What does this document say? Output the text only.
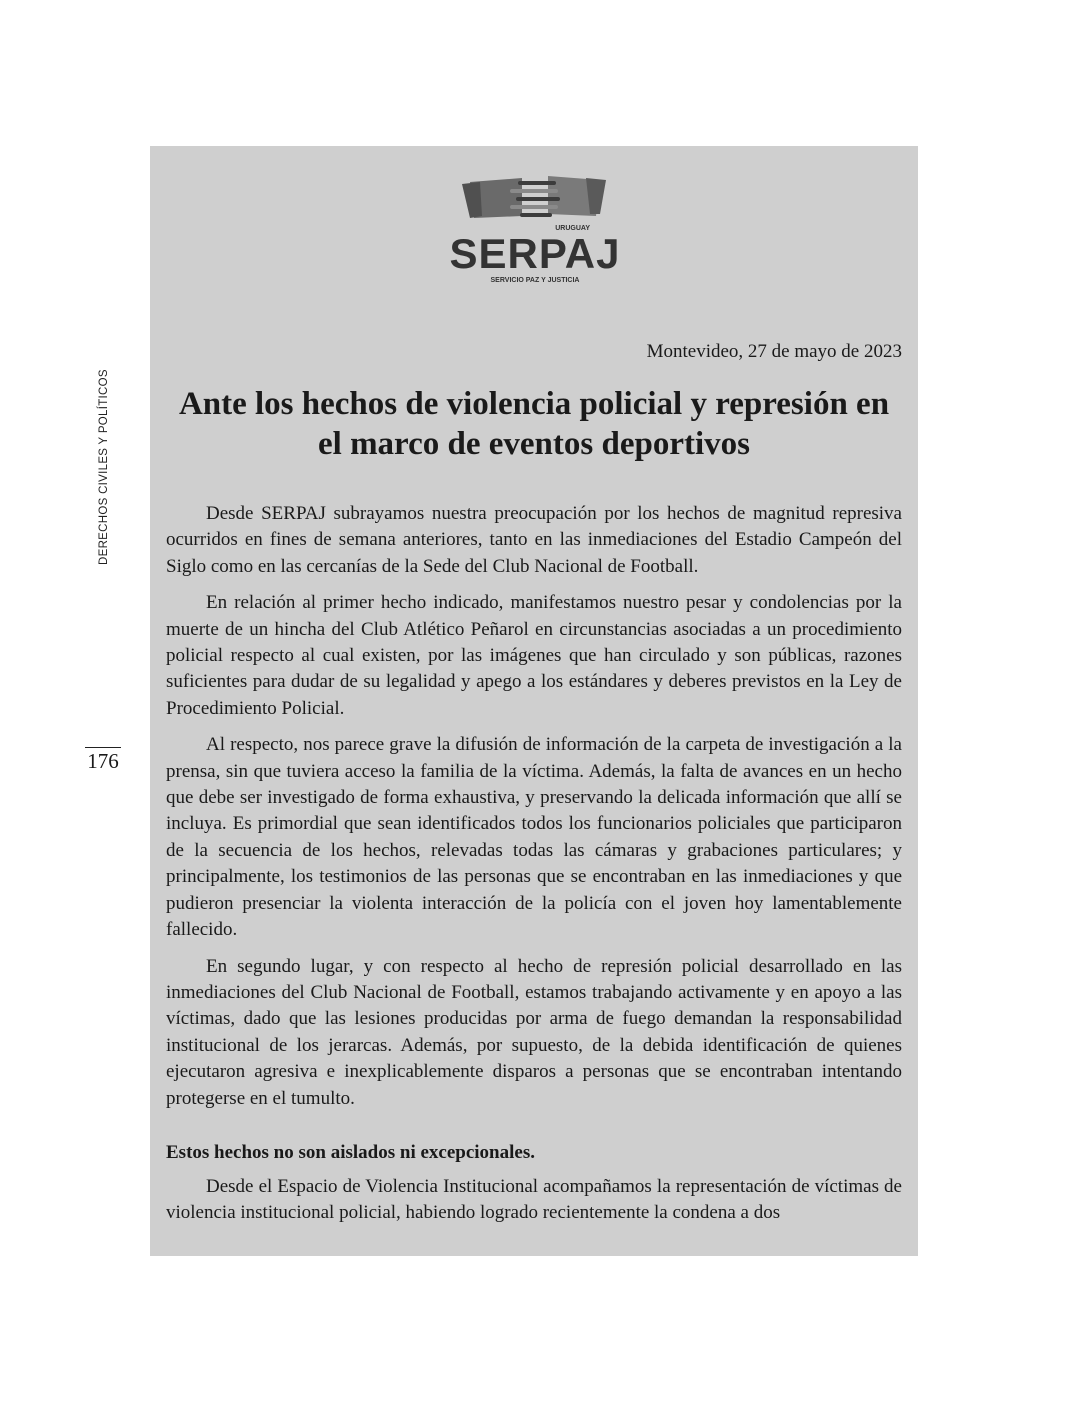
DERECHOS CIVILES Y POLÍTICOS
176
URUGUAY
SERPAJ
SERVICIO PAZ Y JUSTICIA
Montevideo, 27 de mayo de 2023
Ante los hechos de violencia policial y represión en el marco de eventos deportivos

Desde SERPAJ subrayamos nuestra preocupación por los hechos de magnitud represiva ocurridos en fines de semana anteriores, tanto en las inmediaciones del Estadio Campeón del Siglo como en las cercanías de la Sede del Club Nacional de Football.

En relación al primer hecho indicado, manifestamos nuestro pesar y condolencias por la muerte de un hincha del Club Atlético Peñarol en circunstancias asociadas a un procedimiento policial respecto al cual existen, por las imágenes que han circulado y son públicas, razones suficientes para dudar de su legalidad y apego a los estándares y deberes previstos en la Ley de Procedimiento Policial.

Al respecto, nos parece grave la difusión de información de la carpeta de investigación a la prensa, sin que tuviera acceso la familia de la víctima. Además, la falta de avances en un hecho que debe ser investigado de forma exhaustiva, y preservando la delicada información que allí se incluya. Es primordial que sean identificados todos los funcionarios policiales que participaron de la secuencia de los hechos, relevadas todas las cámaras y grabaciones particulares; y principalmente, los testimonios de las personas que se encontraban en las inmediaciones y que pudieron presenciar la violenta interacción de la policía con el joven hoy lamentablemente fallecido.

En segundo lugar, y con respecto al hecho de represión policial desarrollado en las inmediaciones del Club Nacional de Football, estamos trabajando activamente y en apoyo a las víctimas, dado que las lesiones producidas por arma de fuego demandan la responsabilidad institucional de los jerarcas. Además, por supuesto, de la debida identificación de quienes ejecutaron agresiva e inexplicablemente disparos a personas que se encontraban intentando protegerse en el tumulto.

Estos hechos no son aislados ni excepcionales.

Desde el Espacio de Violencia Institucional acompañamos la representación de víctimas de violencia institucional policial, habiendo logrado recientemente la condena a dos
